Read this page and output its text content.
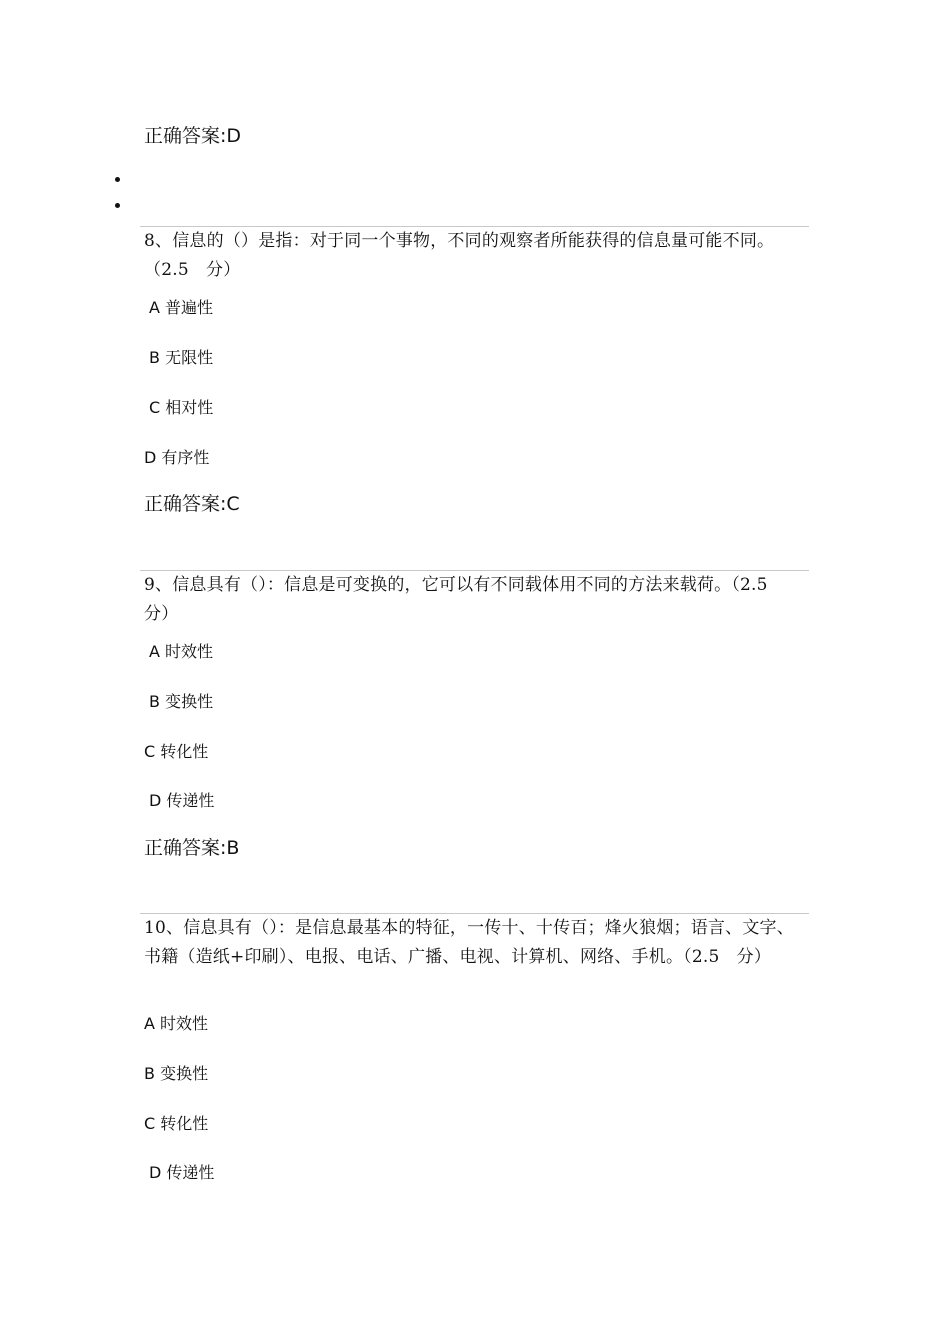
正确答案:D
8、信息的（）是指：对于同一个事物，不同的观察者所能获得的信息量可能不同。（2.5　分）
A 普遍性
B 无限性
C 相对性
D 有序性
正确答案:C
9、信息具有（）：信息是可变换的，它可以有不同载体用不同的方法来载荷。（2.5　分）
A 时效性
B 变换性
C 转化性
D 传递性
正确答案:B
10、信息具有（）：是信息最基本的特征，一传十、十传百；烽火狼烟；语言、文字、书籍（造纸+印刷）、电报、电话、广播、电视、计算机、网络、手机。（2.5　分）
A 时效性
B 变换性
C 转化性
D 传递性
